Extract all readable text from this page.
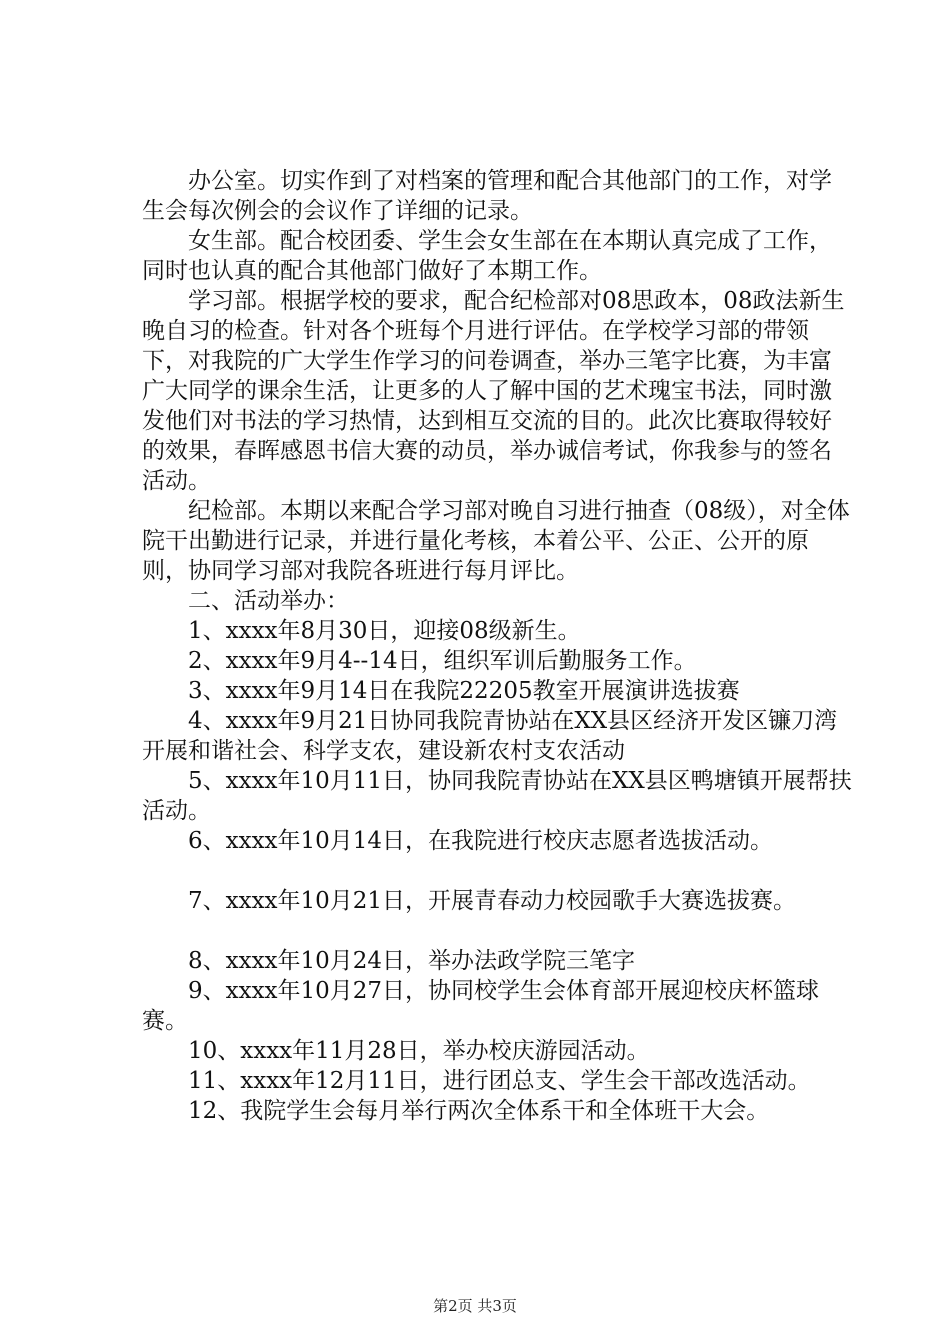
办公室。切实作到了对档案的管理和配合其他部门的工作，对学生会每次例会的会议作了详细的记录。

女生部。配合校团委、学生会女生部在在本期认真完成了工作，同时也认真的配合其他部门做好了本期工作。

学习部。根据学校的要求，配合纪检部对08思政本，08政法新生晚自习的检查。针对各个班每个月进行评估。在学校学习部的带领下，对我院的广大学生作学习的问卷调查，举办三笔字比赛，为丰富广大同学的课余生活，让更多的人了解中国的艺术瑰宝书法，同时激发他们对书法的学习热情，达到相互交流的目的。此次比赛取得较好的效果，春晖感恩书信大赛的动员，举办诚信考试，你我参与的签名活动。

纪检部。本期以来配合学习部对晚自习进行抽查（08级），对全体院干出勤进行记录，并进行量化考核，本着公平、公正、公开的原则，协同学习部对我院各班进行每月评比。

二、活动举办：

1、xxxx年8月30日，迎接08级新生。

2、xxxx年9月4--14日，组织军训后勤服务工作。

3、xxxx年9月14日在我院22205教室开展演讲选拔赛

4、xxxx年9月21日协同我院青协站在XX县区经济开发区镰刀湾开展和谐社会、科学支农，建设新农村支农活动

5、xxxx年10月11日，协同我院青协站在XX县区鸭塘镇开展帮扶活动。

6、xxxx年10月14日，在我院进行校庆志愿者选拔活动。

7、xxxx年10月21日，开展青春动力校园歌手大赛选拔赛。

8、xxxx年10月24日，举办法政学院三笔字

9、xxxx年10月27日，协同校学生会体育部开展迎校庆杯篮球赛。

10、xxxx年11月28日，举办校庆游园活动。

11、xxxx年12月11日，进行团总支、学生会干部改选活动。

12、我院学生会每月举行两次全体系干和全体班干大会。

第2页 共3页
